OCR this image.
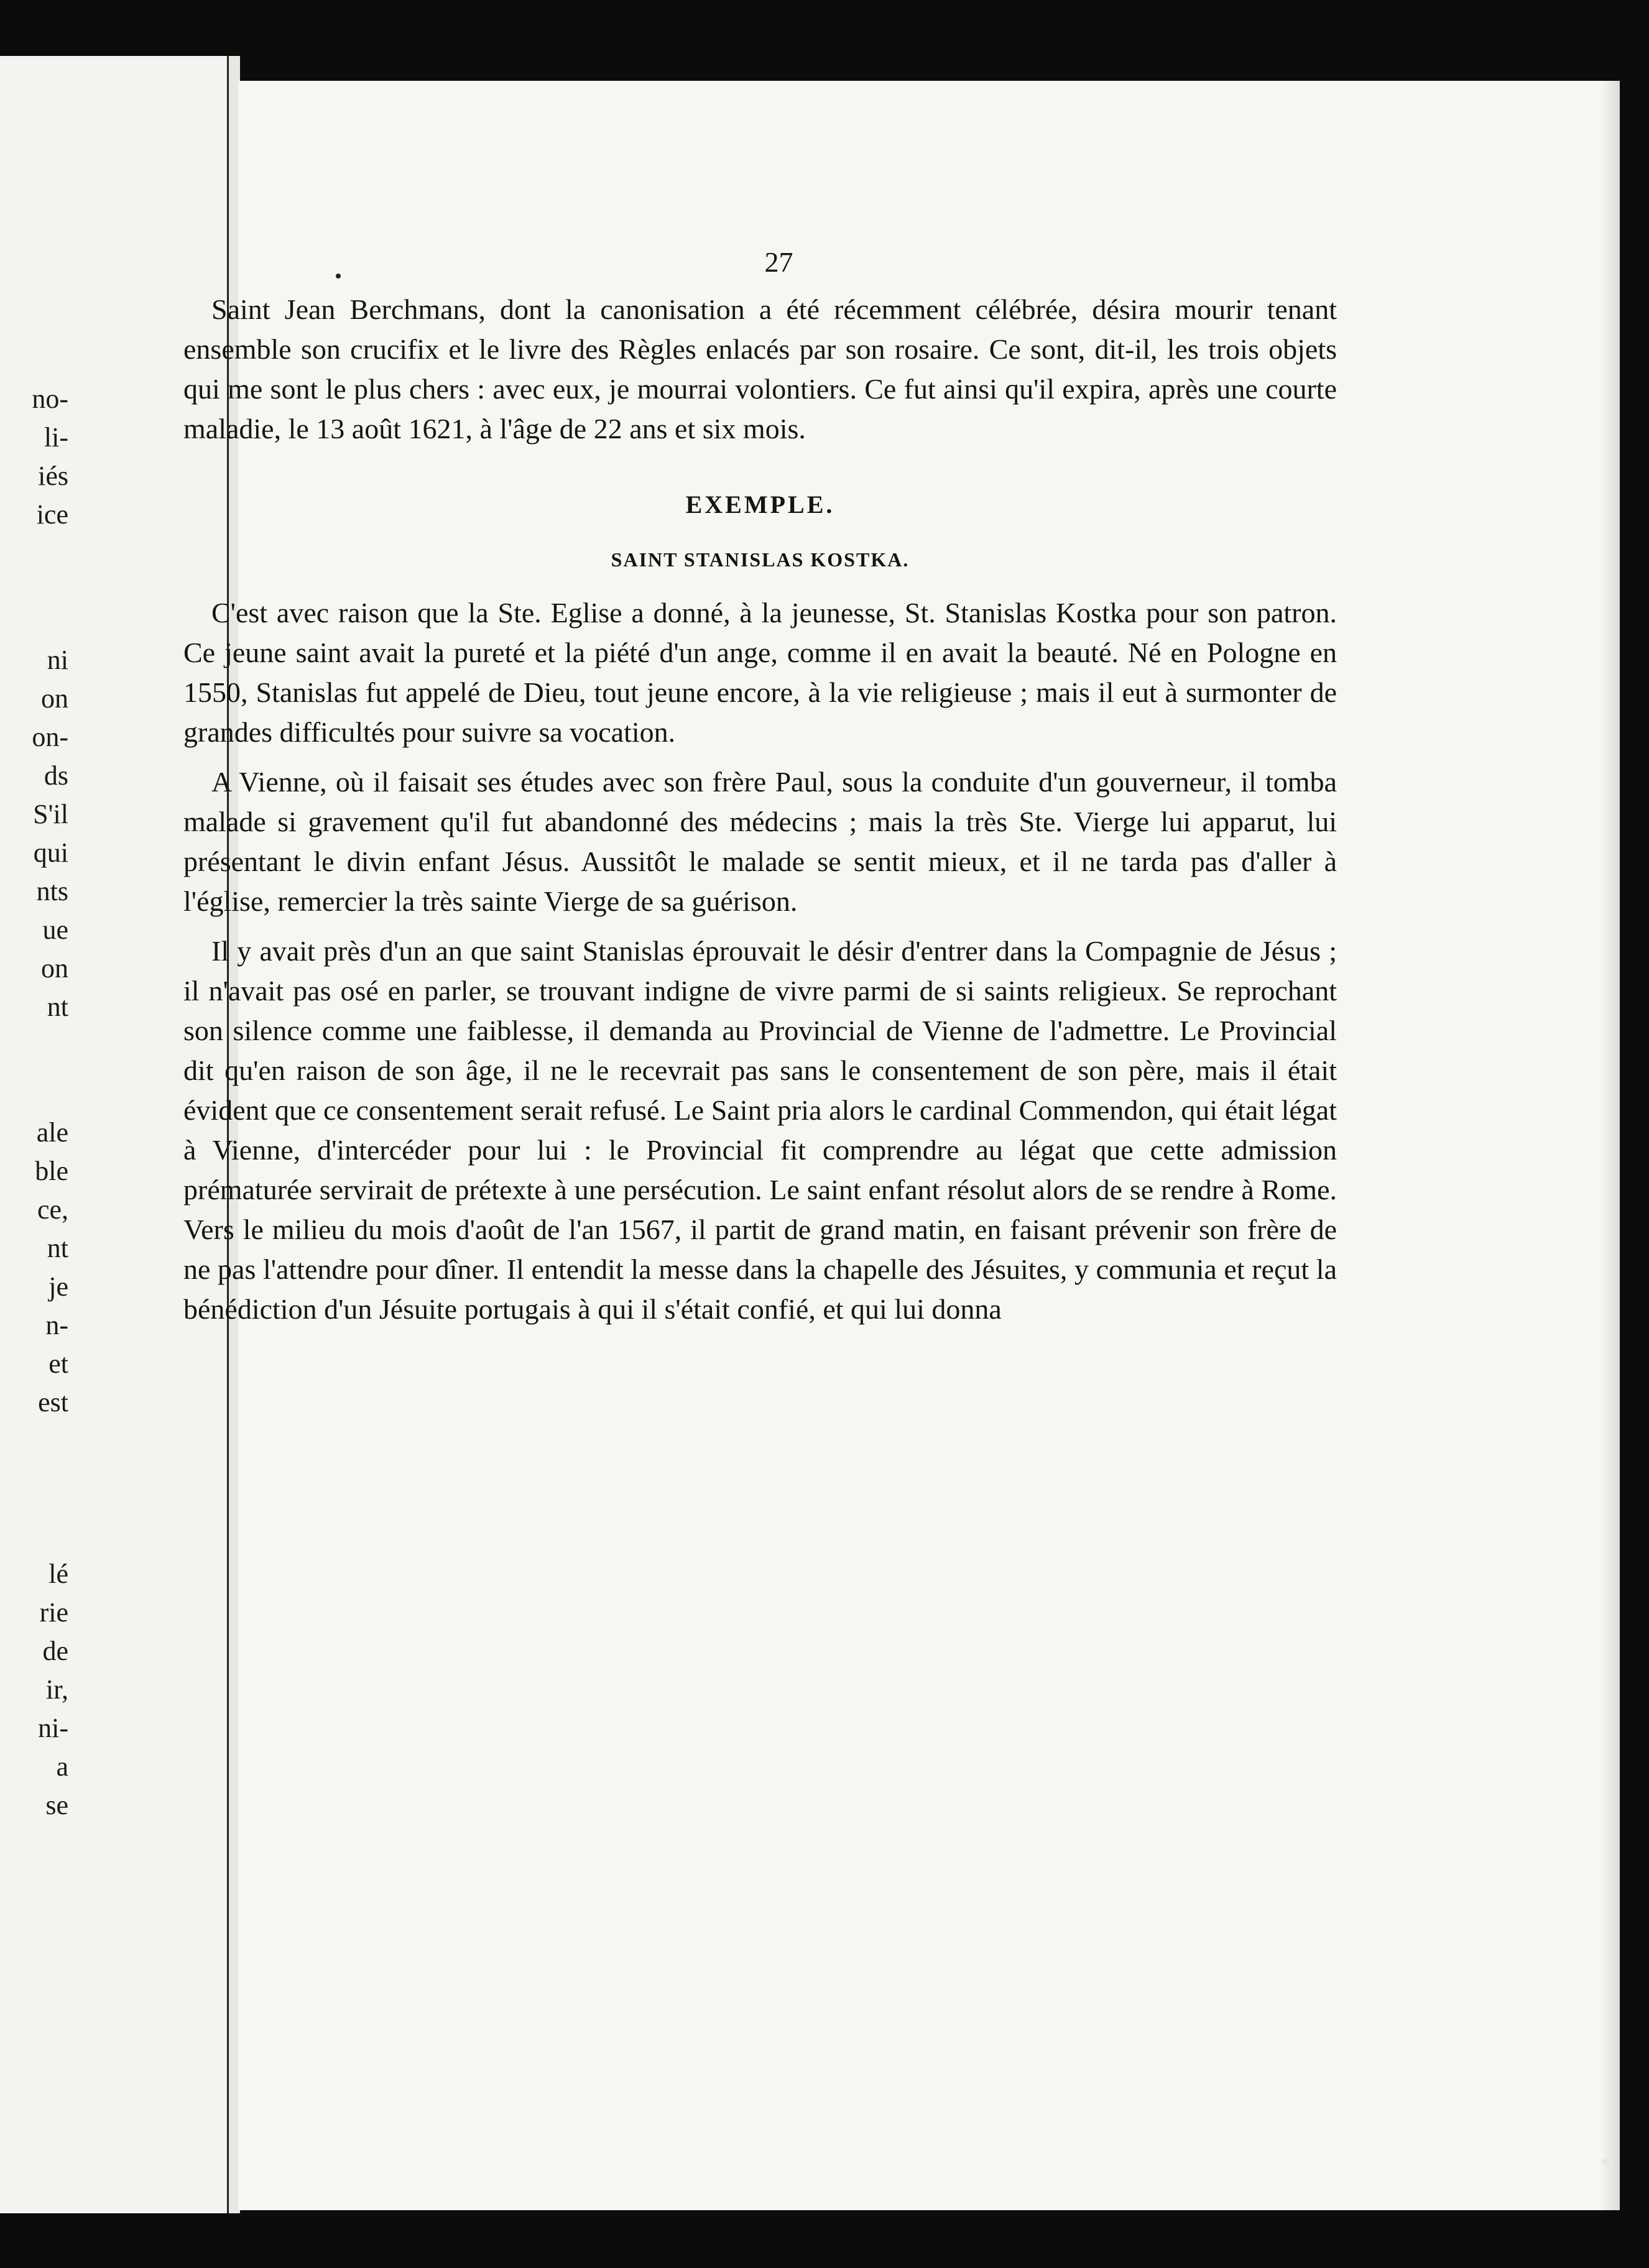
no-
li-
iés
ice
ni
on
on-
ds
S'il
qui
nts
ue
on
nt
ale
ble
ce,
nt
je
n-
et
est
lé
rie
de
ir,
ni-
a
se
27

Saint Jean Berchmans, dont la canonisation a été récemment célébrée, désira mourir tenant ensemble son crucifix et le livre des Règles enlacés par son rosaire. Ce sont, dit-il, les trois objets qui me sont le plus chers : avec eux, je mourrai volontiers. Ce fut ainsi qu'il expira, après une courte maladie, le 13 août 1621, à l'âge de 22 ans et six mois.

EXEMPLE.
SAINT STANISLAS KOSTKA.

C'est avec raison que la Ste. Eglise a donné, à la jeunesse, St. Stanislas Kostka pour son patron. Ce jeune saint avait la pureté et la piété d'un ange, comme il en avait la beauté. Né en Pologne en 1550, Stanislas fut appelé de Dieu, tout jeune encore, à la vie religieuse ; mais il eut à surmonter de grandes difficultés pour suivre sa vocation.

A Vienne, où il faisait ses études avec son frère Paul, sous la conduite d'un gouverneur, il tomba malade si gravement qu'il fut abandonné des médecins ; mais la très Ste. Vierge lui apparut, lui présentant le divin enfant Jésus. Aussitôt le malade se sentit mieux, et il ne tarda pas d'aller à l'église, remercier la très sainte Vierge de sa guérison.

Il y avait près d'un an que saint Stanislas éprouvait le désir d'entrer dans la Compagnie de Jésus ; il n'avait pas osé en parler, se trouvant indigne de vivre parmi de si saints religieux. Se reprochant son silence comme une faiblesse, il demanda au Provincial de Vienne de l'admettre. Le Provincial dit qu'en raison de son âge, il ne le recevrait pas sans le consentement de son père, mais il était évident que ce consentement serait refusé. Le Saint pria alors le cardinal Commendon, qui était légat à Vienne, d'intercéder pour lui : le Provincial fit comprendre au légat que cette admission prématurée servirait de prétexte à une persécution. Le saint enfant résolut alors de se rendre à Rome. Vers le milieu du mois d'août de l'an 1567, il partit de grand matin, en faisant prévenir son frère de ne pas l'attendre pour dîner. Il entendit la messe dans la chapelle des Jésuites, y communia et reçut la bénédiction d'un Jésuite portugais à qui il s'était confié, et qui lui donna
